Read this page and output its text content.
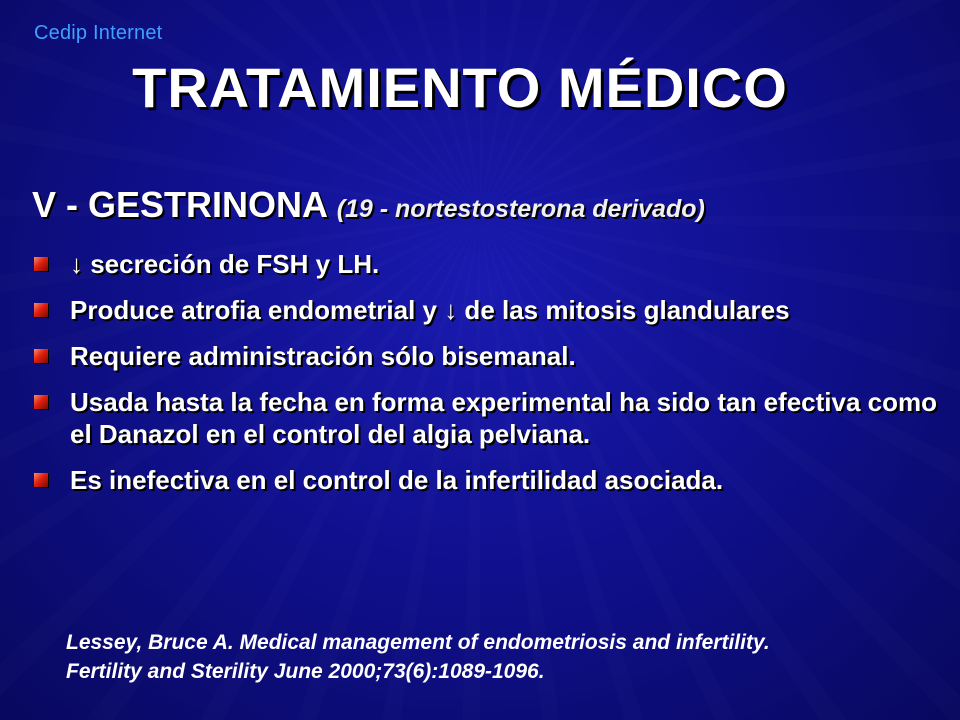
Cedip Internet
TRATAMIENTO MÉDICO
V - GESTRINONA (19 - nortestosterona derivado)
↓ secreción de FSH y LH.
Produce atrofia endometrial y ↓ de las mitosis glandulares
Requiere administración sólo bisemanal.
Usada hasta la fecha en forma experimental ha sido tan efectiva como el Danazol en el control del algia pelviana.
Es inefectiva en el control de la infertilidad asociada.
Lessey, Bruce A. Medical management of endometriosis and infertility.
Fertility and Sterility June 2000;73(6):1089-1096.
